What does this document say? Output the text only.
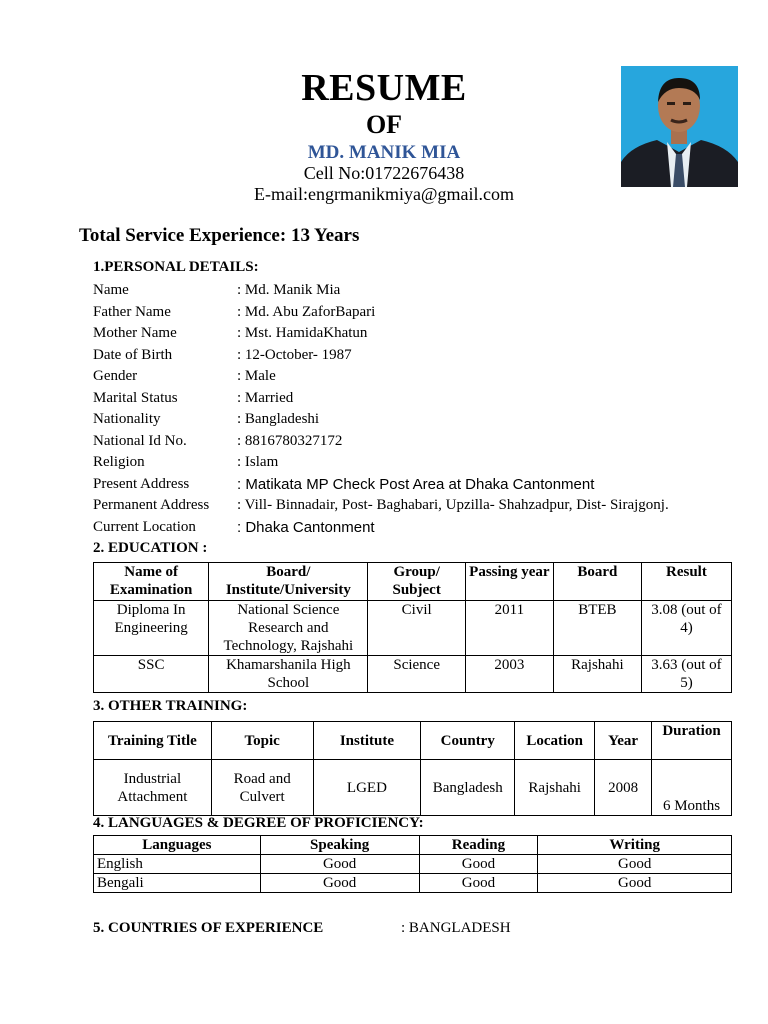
RESUME
OF
MD. MANIK MIA
Cell No:01722676438
E-mail:engrmanikmiya@gmail.com
Total Service Experience: 13 Years
1.PERSONAL DETAILS:
Name	: Md. Manik Mia
Father Name	: Md. Abu ZaforBapari
Mother Name	: Mst. HamidaKhatun
Date of Birth	: 12-October- 1987
Gender	: Male
Marital Status	: Married
Nationality	: Bangladeshi
National Id No.	: 8816780327172
Religion	: Islam
Present Address	: Matikata MP Check Post Area at Dhaka Cantonment
Permanent Address	: Vill- Binnadair, Post- Baghabari, Upzilla- Shahzadpur, Dist- Sirajgonj.
Current Location	: Dhaka Cantonment
2. EDUCATION :
Name of Examination	Board/ Institute/University	Group/ Subject	Passing year	Board	Result
Diploma In Engineering	National Science Research and Technology, Rajshahi	Civil	2011	BTEB	3.08 (out of 4)
SSC	Khamarshanila High School	Science	2003	Rajshahi	3.63 (out of 5)
3. OTHER TRAINING:
Training Title	Topic	Institute	Country	Location	Year	Duration
Industrial Attachment	Road and Culvert	LGED	Bangladesh	Rajshahi	2008	6 Months
4. LANGUAGES & DEGREE OF PROFICIENCY:
Languages	Speaking	Reading	Writing
English	Good	Good	Good
Bengali	Good	Good	Good
5. COUNTRIES OF EXPERIENCE	: BANGLADESH
